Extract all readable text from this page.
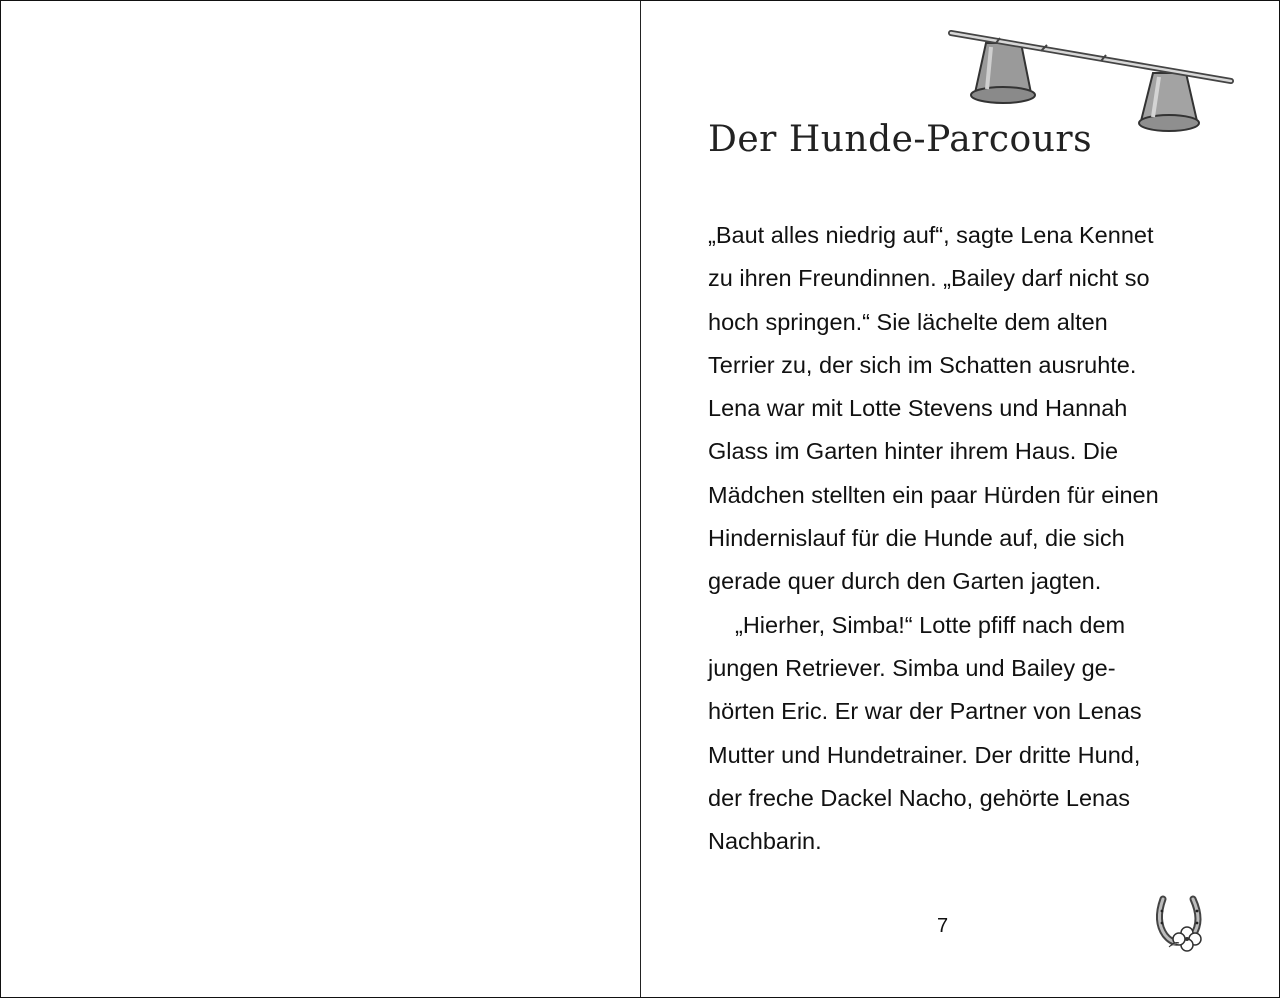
Der Hunde-Parcours
„Baut alles niedrig auf“, sagte Lena Kennet
zu ihren Freundinnen. „Bailey darf nicht so
hoch springen.“ Sie lächelte dem alten
Terrier zu, der sich im Schatten ausruhte.
Lena war mit Lotte Stevens und Hannah
Glass im Garten hinter ihrem Haus. Die
Mädchen stellten ein paar Hürden für einen
Hindernislauf für die Hunde auf, die sich
gerade quer durch den Garten jagten.
„Hierher, Simba!“ Lotte pfiff nach dem
jungen Retriever. Simba und Bailey ge-
hörten Eric. Er war der Partner von Lenas
Mutter und Hundetrainer. Der dritte Hund,
der freche Dackel Nacho, gehörte Lenas
Nachbarin.
7
